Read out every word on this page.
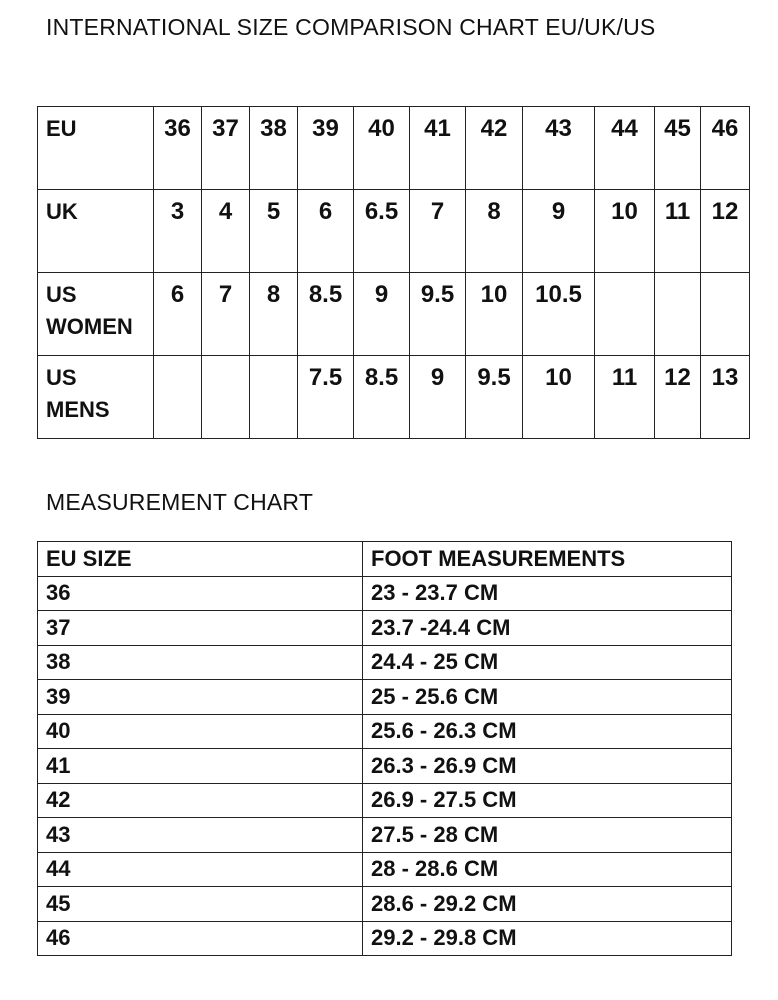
INTERNATIONAL SIZE COMPARISON CHART EU/UK/US
EU	36	37	38	39	40	41	42	43	44	45	46
UK	3	4	5	6	6.5	7	8	9	10	11	12
US
WOMEN	6	7	8	8.5	9	9.5	10	10.5			
US
MENS				7.5	8.5	9	9.5	10	11	12	13
MEASUREMENT CHART
EU SIZE	FOOT MEASUREMENTS
36	23 - 23.7 CM
37	23.7 -24.4 CM
38	24.4 - 25 CM
39	25 - 25.6 CM
40	25.6 - 26.3 CM
41	26.3 - 26.9 CM
42	26.9 - 27.5 CM
43	27.5 - 28 CM
44	28 - 28.6 CM
45	28.6 - 29.2 CM
46	29.2 - 29.8 CM
